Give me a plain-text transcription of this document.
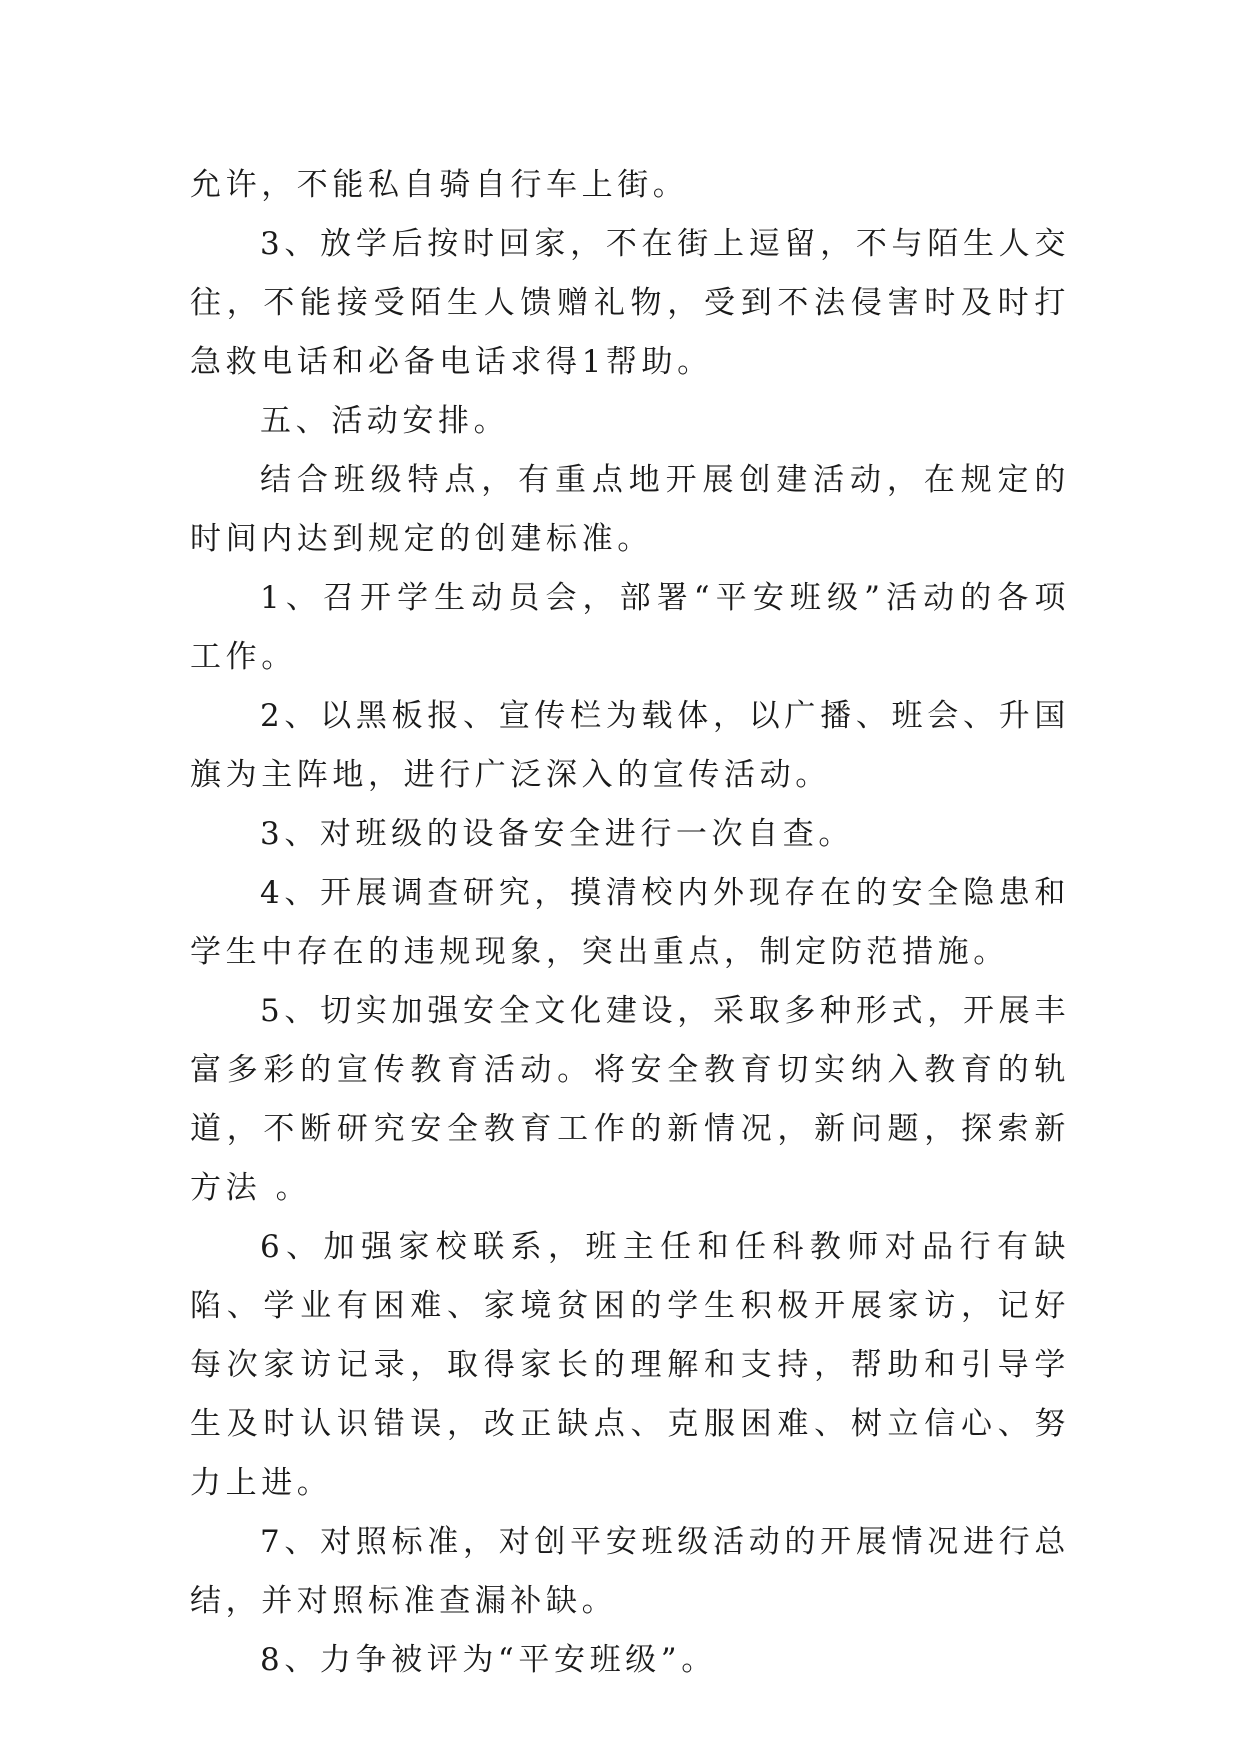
允许，不能私自骑自行车上街。

3、放学后按时回家，不在街上逗留，不与陌生人交往，不能接受陌生人馈赠礼物，受到不法侵害时及时打急救电话和必备电话求得1帮助。

五、活动安排。

结合班级特点，有重点地开展创建活动，在规定的时间内达到规定的创建标准。

1、召开学生动员会，部署“平安班级”活动的各项工作。

2、以黑板报、宣传栏为载体，以广播、班会、升国旗为主阵地，进行广泛深入的宣传活动。

3、对班级的设备安全进行一次自查。

4、开展调查研究，摸清校内外现存在的安全隐患和学生中存在的违规现象，突出重点，制定防范措施。

5、切实加强安全文化建设，采取多种形式，开展丰富多彩的宣传教育活动。将安全教育切实纳入教育的轨道，不断研究安全教育工作的新情况，新问题，探索新方法 。

6、加强家校联系，班主任和任科教师对品行有缺陷、学业有困难、家境贫困的学生积极开展家访，记好每次家访记录，取得家长的理解和支持，帮助和引导学生及时认识错误，改正缺点、克服困难、树立信心、努力上进。

7、对照标准，对创平安班级活动的开展情况进行总结，并对照标准查漏补缺。

8、力争被评为“平安班级”。
